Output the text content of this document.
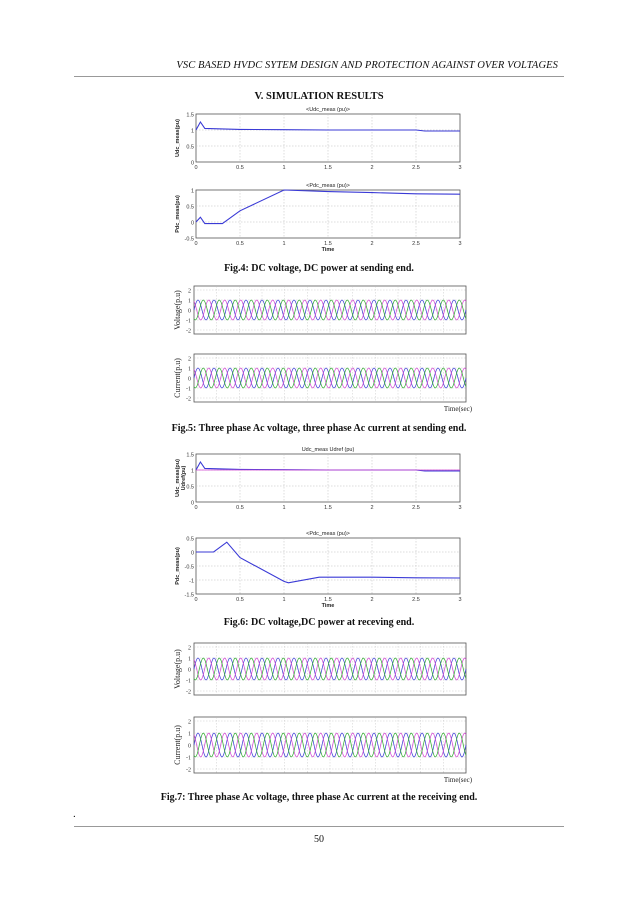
VSC BASED HVDC SYTEM DESIGN AND PROTECTION AGAINST OVER VOLTAGES
V. SIMULATION RESULTS
1.5
1
0.5
0
<Udc_meas (pu)>
Udc_meas(pu)
0	0.5	1	1.5	2	2.5	3
1
0.5
0
-0.5
<Pdc_meas (pu)>
Pdc_meas(pu)
0	0.5	1	1.5	2	2.5	3
Time
Fig.4: DC voltage, DC power at sending end.
2
1
0
-1
-2
Voltage(p.u)
2
1
0
-1
-2
Current(p.u)
Time(sec)
Fig.5: Three phase Ac voltage, three phase Ac current at sending end.
1.5
1
0.5
0
Udc_meas Udref (pu)
Udc_meas(pu) Udref(pu)
0	0.5	1	1.5	2	2.5	3
0.5
0
-0.5
-1
-1.5
<Pdc_meas (pu)>
Pdc_meas(pu)
0	0.5	1	1.5	2	2.5	3
Time
Fig.6: DC voltage,DC power at receving end.
2
1
0
-1
-2
Voltage(p.u)
2
1
0
-1
-2
Current(p.u)
Time(sec)
Fig.7: Three phase Ac voltage, three phase Ac current at the receiving end.
.
50
